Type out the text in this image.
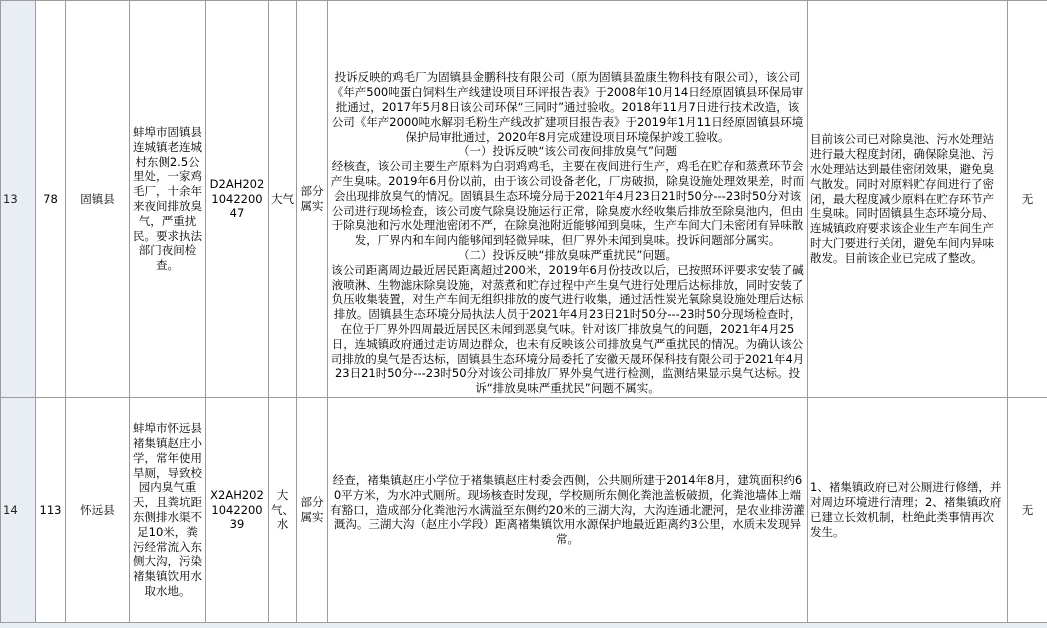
13	78	固镇县	蚌埠市固镇县连城镇老连城村东侧2.5公里处，一家鸡毛厂，十余年来夜间排放臭气，严重扰民。要求执法部门夜间检查。	D2AH2021042200 47	大气	部分属实	投诉反映的鸡毛厂为固镇县金鹏科技有限公司（原为固镇县盈康生物科技有限公司），该公司《年产500吨蛋白饲料生产线建设项目环评报告表》于2008年10月14日经原固镇县环保局审批通过，2017年5月8日该公司环保“三同时”通过验收。2018年11月7日进行技术改造，该公司《年产2000吨水解羽毛粉生产线改扩建项目报告表》于2019年1月11日经原固镇县环境保护局审批通过，2020年8月完成建设项目环境保护竣工验收。

（一）投诉反映“该公司夜间排放臭气”问题

经核查，该公司主要生产原料为白羽鸡鸡毛，主要在夜间进行生产，鸡毛在贮存和蒸煮环节会产生臭味。2019年6月份以前，由于该公司设备老化，厂房破损，除臭设施处理效果差，时而会出现排放臭气的情况。固镇县生态环境分局于2021年4月23日21时50分---23时50分对该公司进行现场检查，该公司废气除臭设施运行正常，除臭废水经收集后排放至除臭池内，但由于除臭池和污水处理池密闭不严，在除臭池附近能够闻到臭味，生产车间大门未密闭有异味散发，厂界内和车间内能够闻到轻微异味，但厂界外未闻到臭味。投诉问题部分属实。

（二）投诉反映“排放臭味严重扰民”问题。

该公司距离周边最近居民距离超过200米，2019年6月份技改以后，已按照环评要求安装了碱液喷淋、生物滤床除臭设施，对蒸煮和贮存过程中产生臭气进行处理后达标排放，同时安装了负压收集装置，对生产车间无组织排放的废气进行收集，通过活性炭光氧除臭设施处理后达标排放。固镇县生态环境分局执法人员于2021年4月23日21时50分---23时50分现场检查时，在位于厂界外四周最近居民区未闻到恶臭气味。针对该厂排放臭气的问题，2021年4月25日，连城镇政府通过走访周边群众，也未有反映该公司排放臭气严重扰民的情况。为确认该公司排放的臭气是否达标，固镇县生态环境分局委托了安徽天晟环保科技有限公司于2021年4月23日21时50分---23时50分对该公司排放厂界外臭气进行检测，监测结果显示臭气达标。投诉“排放臭味严重扰民”问题不属实。	目前该公司已对除臭池、污水处理站进行最大程度封闭，确保除臭池、污水处理站达到最佳密闭效果，避免臭气散发。同时对原料贮存间进行了密闭，最大程度减少原料在贮存环节产生臭味。同时固镇县生态环境分局、连城镇政府要求该企业生产车间生产时大门要进行关闭，避免车间内异味散发。目前该企业已完成了整改。	无
14	113	怀远县	蚌埠市怀远县褚集镇赵庄小学，常年使用旱厕，导致校园内臭气重天，且粪坑距东侧排水渠不足10米，粪污经常流入东侧大沟，污染褚集镇饮用水取水地。	X2AH2021042200 39	大气、水	部分属实	经查，褚集镇赵庄小学位于褚集镇赵庄村委会西侧，公共厕所建于2014年8月，建筑面积约60平方米，为水冲式厕所。现场核查时发现，学校厕所东侧化粪池盖板破损，化粪池墙体上端有豁口，造成部分化粪池污水满溢至东侧约20米的三湖大沟，大沟连通北淝河，是农业排涝灌溉沟。三湖大沟（赵庄小学段）距离褚集镇饮用水源保护地最近距离约3公里，水质未发现异常。	1、褚集镇政府已对公厕进行修缮，并对周边环境进行清理；2、褚集镇政府已建立长效机制，杜绝此类事情再次发生。	无
